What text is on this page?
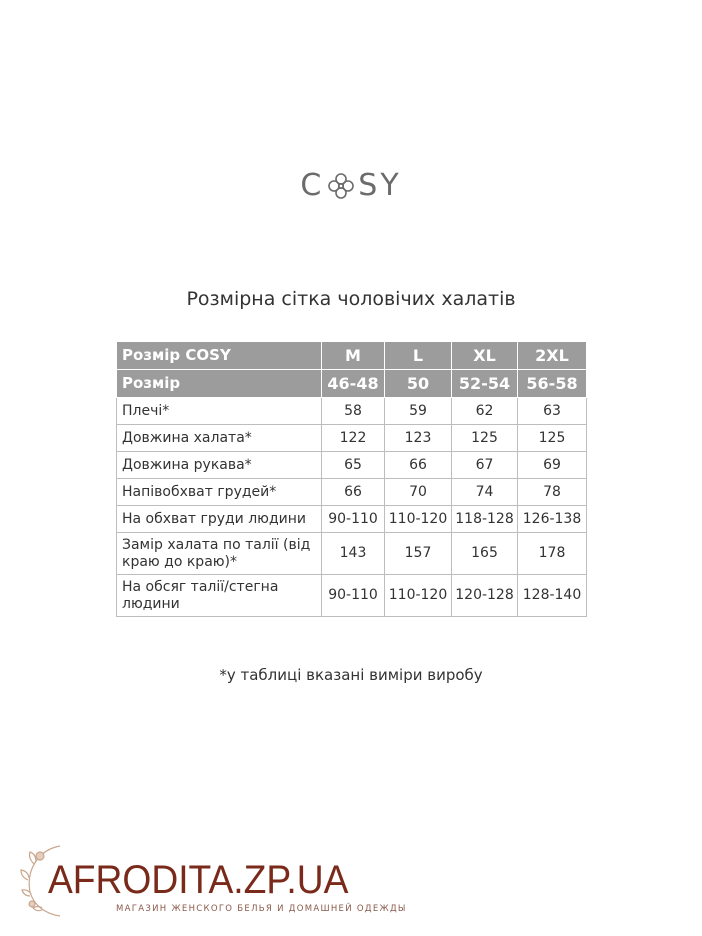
C SY
Розмірна сітка чоловічих халатів
Розмір COSY	M	L	XL	2XL
Розмір	46-48	50	52-54	56-58
Плечі*	58	59	62	63
Довжина халата*	122	123	125	125
Довжина рукава*	65	66	67	69
Напівобхват грудей*	66	70	74	78
На обхват груди людини	90-110	110-120	118-128	126-138
Замір халата по талії (від краю до краю)*	143	157	165	178
На обсяг талії/стегна людини	90-110	110-120	120-128	128-140
*у таблиці вказані виміри виробу
AFRODITA.ZP.UA
МАГАЗИН ЖЕНСКОГО БЕЛЬЯ И ДОМАШНЕЙ ОДЕЖДЫ
